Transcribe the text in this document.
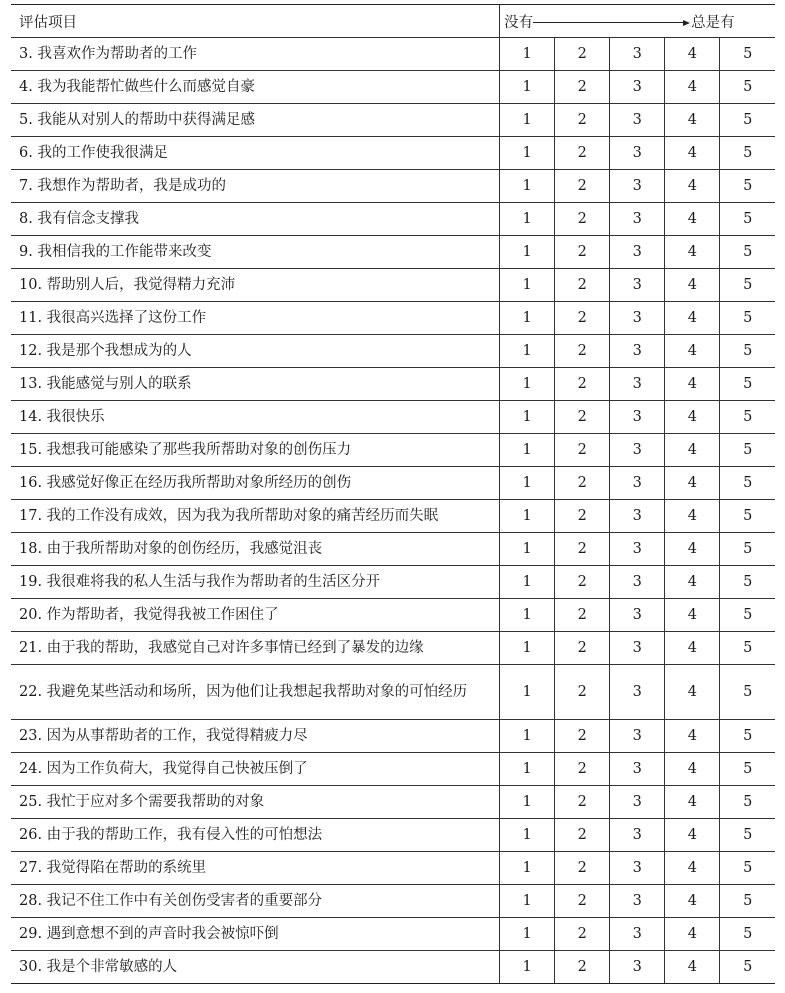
评估项目	没有 总是有				
3. 我喜欢作为帮助者的工作	1	2	3	4	5
4. 我为我能帮忙做些什么而感觉自豪	1	2	3	4	5
5. 我能从对别人的帮助中获得满足感	1	2	3	4	5
6. 我的工作使我很满足	1	2	3	4	5
7. 我想作为帮助者，我是成功的	1	2	3	4	5
8. 我有信念支撑我	1	2	3	4	5
9. 我相信我的工作能带来改变	1	2	3	4	5
10. 帮助别人后，我觉得精力充沛	1	2	3	4	5
11. 我很高兴选择了这份工作	1	2	3	4	5
12. 我是那个我想成为的人	1	2	3	4	5
13. 我能感觉与别人的联系	1	2	3	4	5
14. 我很快乐	1	2	3	4	5
15. 我想我可能感染了那些我所帮助对象的创伤压力	1	2	3	4	5
16. 我感觉好像正在经历我所帮助对象所经历的创伤	1	2	3	4	5
17. 我的工作没有成效，因为我为我所帮助对象的痛苦经历而失眠	1	2	3	4	5
18. 由于我所帮助对象的创伤经历，我感觉沮丧	1	2	3	4	5
19. 我很难将我的私人生活与我作为帮助者的生活区分开	1	2	3	4	5
20. 作为帮助者，我觉得我被工作困住了	1	2	3	4	5
21. 由于我的帮助，我感觉自己对许多事情已经到了暴发的边缘	1	2	3	4	5
22. 我避免某些活动和场所，因为他们让我想起我帮助对象的可怕经历	1	2	3	4	5
23. 因为从事帮助者的工作，我觉得精疲力尽	1	2	3	4	5
24. 因为工作负荷大，我觉得自己快被压倒了	1	2	3	4	5
25. 我忙于应对多个需要我帮助的对象	1	2	3	4	5
26. 由于我的帮助工作，我有侵入性的可怕想法	1	2	3	4	5
27. 我觉得陷在帮助的系统里	1	2	3	4	5
28. 我记不住工作中有关创伤受害者的重要部分	1	2	3	4	5
29. 遇到意想不到的声音时我会被惊吓倒	1	2	3	4	5
30. 我是个非常敏感的人	1	2	3	4	5
